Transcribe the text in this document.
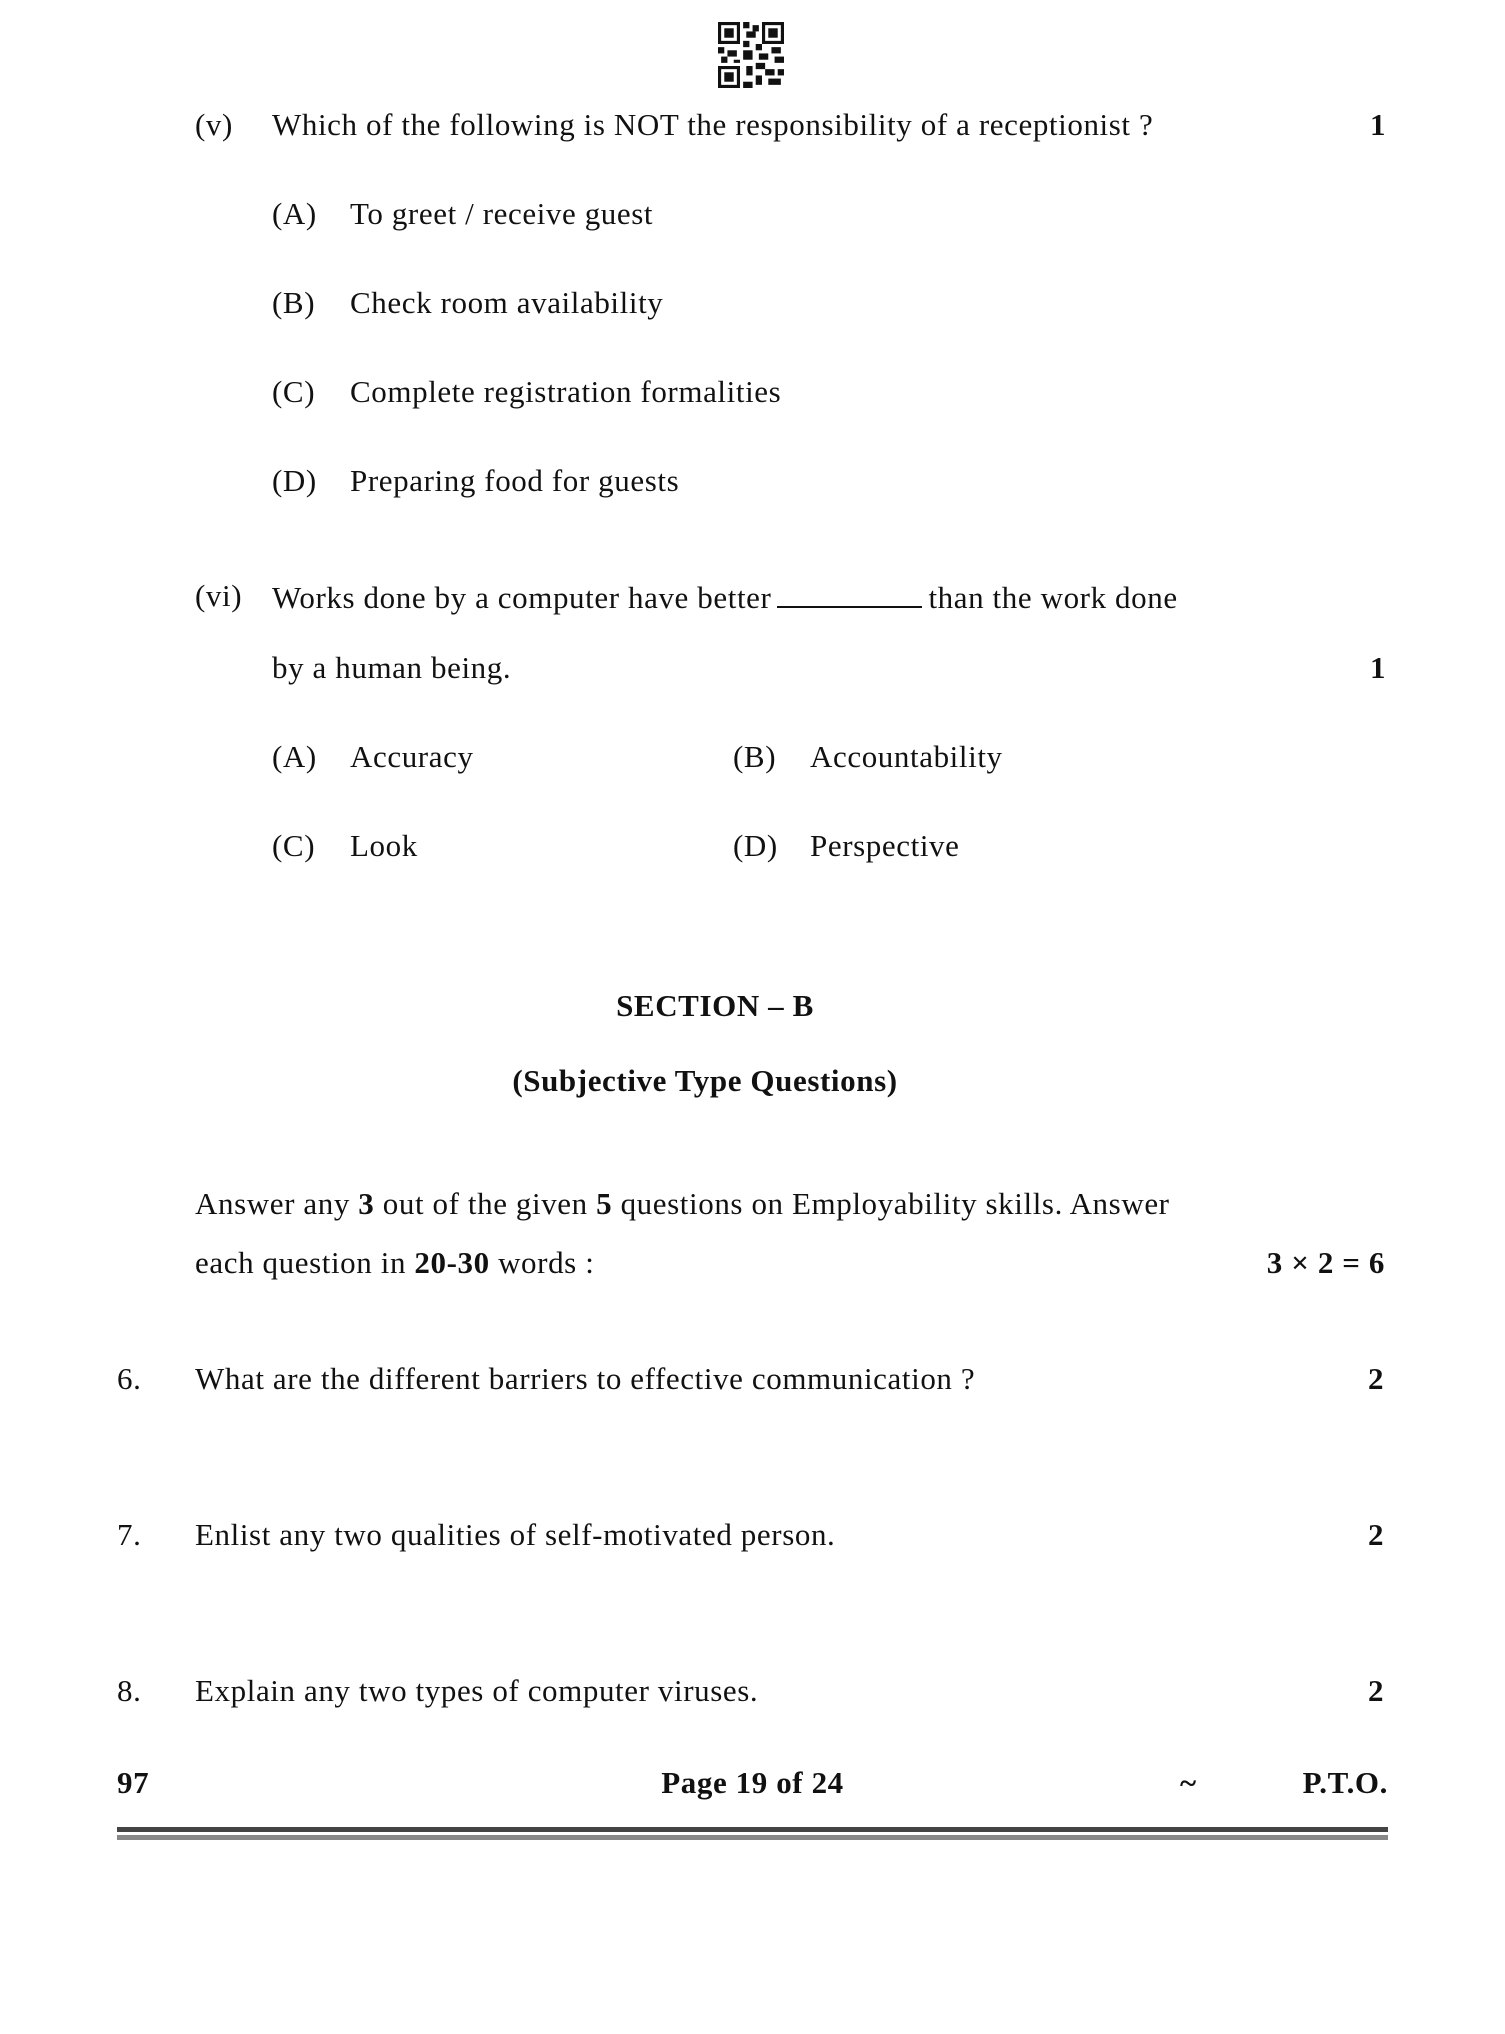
(v) Which of the following is NOT the responsibility of a receptionist ?	1
(A) To greet / receive guest
(B) Check room availability
(C) Complete registration formalities
(D) Preparing food for guests
(vi) Works done by a computer have better	than the work done
by a human being.	1
(A) Accuracy	(B) Accountability
(C) Look	(D) Perspective
SECTION – B
(Subjective Type Questions)
Answer any 3 out of the given 5 questions on Employability skills. Answer
each question in 20-30 words :	3 × 2 = 6
6. What are the different barriers to effective communication ?	2
7. Enlist any two qualities of self-motivated person.	2
8. Explain any two types of computer viruses.	2
97	Page 19 of 24	~	P.T.O.
